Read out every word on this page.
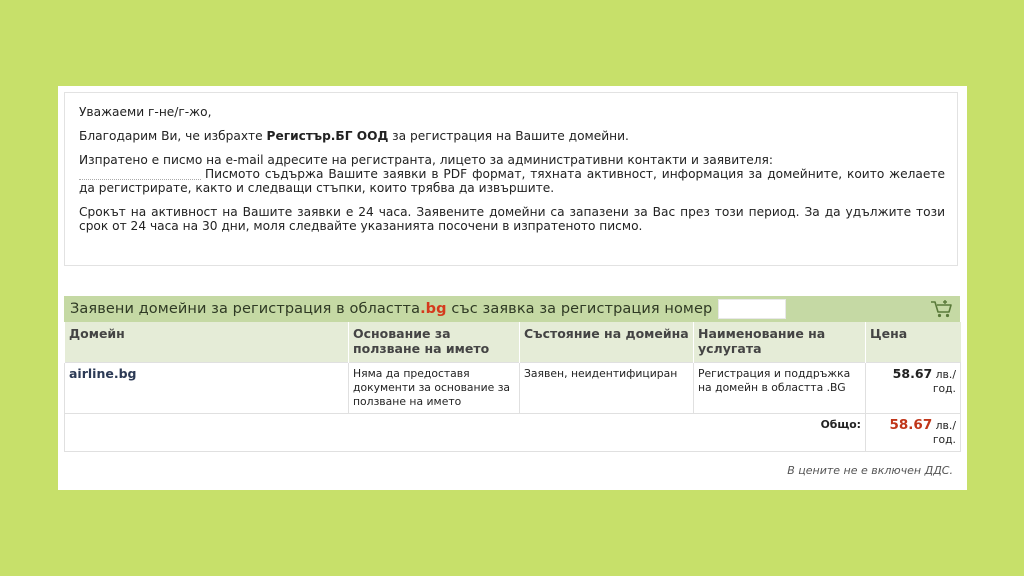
Уважаеми г-не/г-жо,

Благодарим Ви, че избрахте Регистър.БГ ООД за регистрация на Вашите домейни.

Изпратено е писмо на e-mail адресите на регистранта, лицето за административни контакти и заявителя:
Писмото съдържа Вашите заявки в PDF формат, тяхната активност, информация за домейните, които желаете да регистрирате, както и следващи стъпки, които трябва да извършите.

Срокът на активност на Вашите заявки е 24 часа. Заявените домейни са запазени за Вас през този период. За да удължите този срок от 24 часа на 30 дни, моля следвайте указанията посочени в изпратеното писмо.

Заявени домейни за регистрация в областта .bg
със заявка за регистрация номер
Домейн	Основание за ползване на името	Състояние на домейна	Наименование на услугата	Цена
airline.bg	Няма да предоставя документи за основание за ползване на името	Заявен, неидентифициран	Регистрация и поддръжка на домейн в областта .BG	58.67 лв./год.
Общо:				58.67 лв./год.
В цените не е включен ДДС.
